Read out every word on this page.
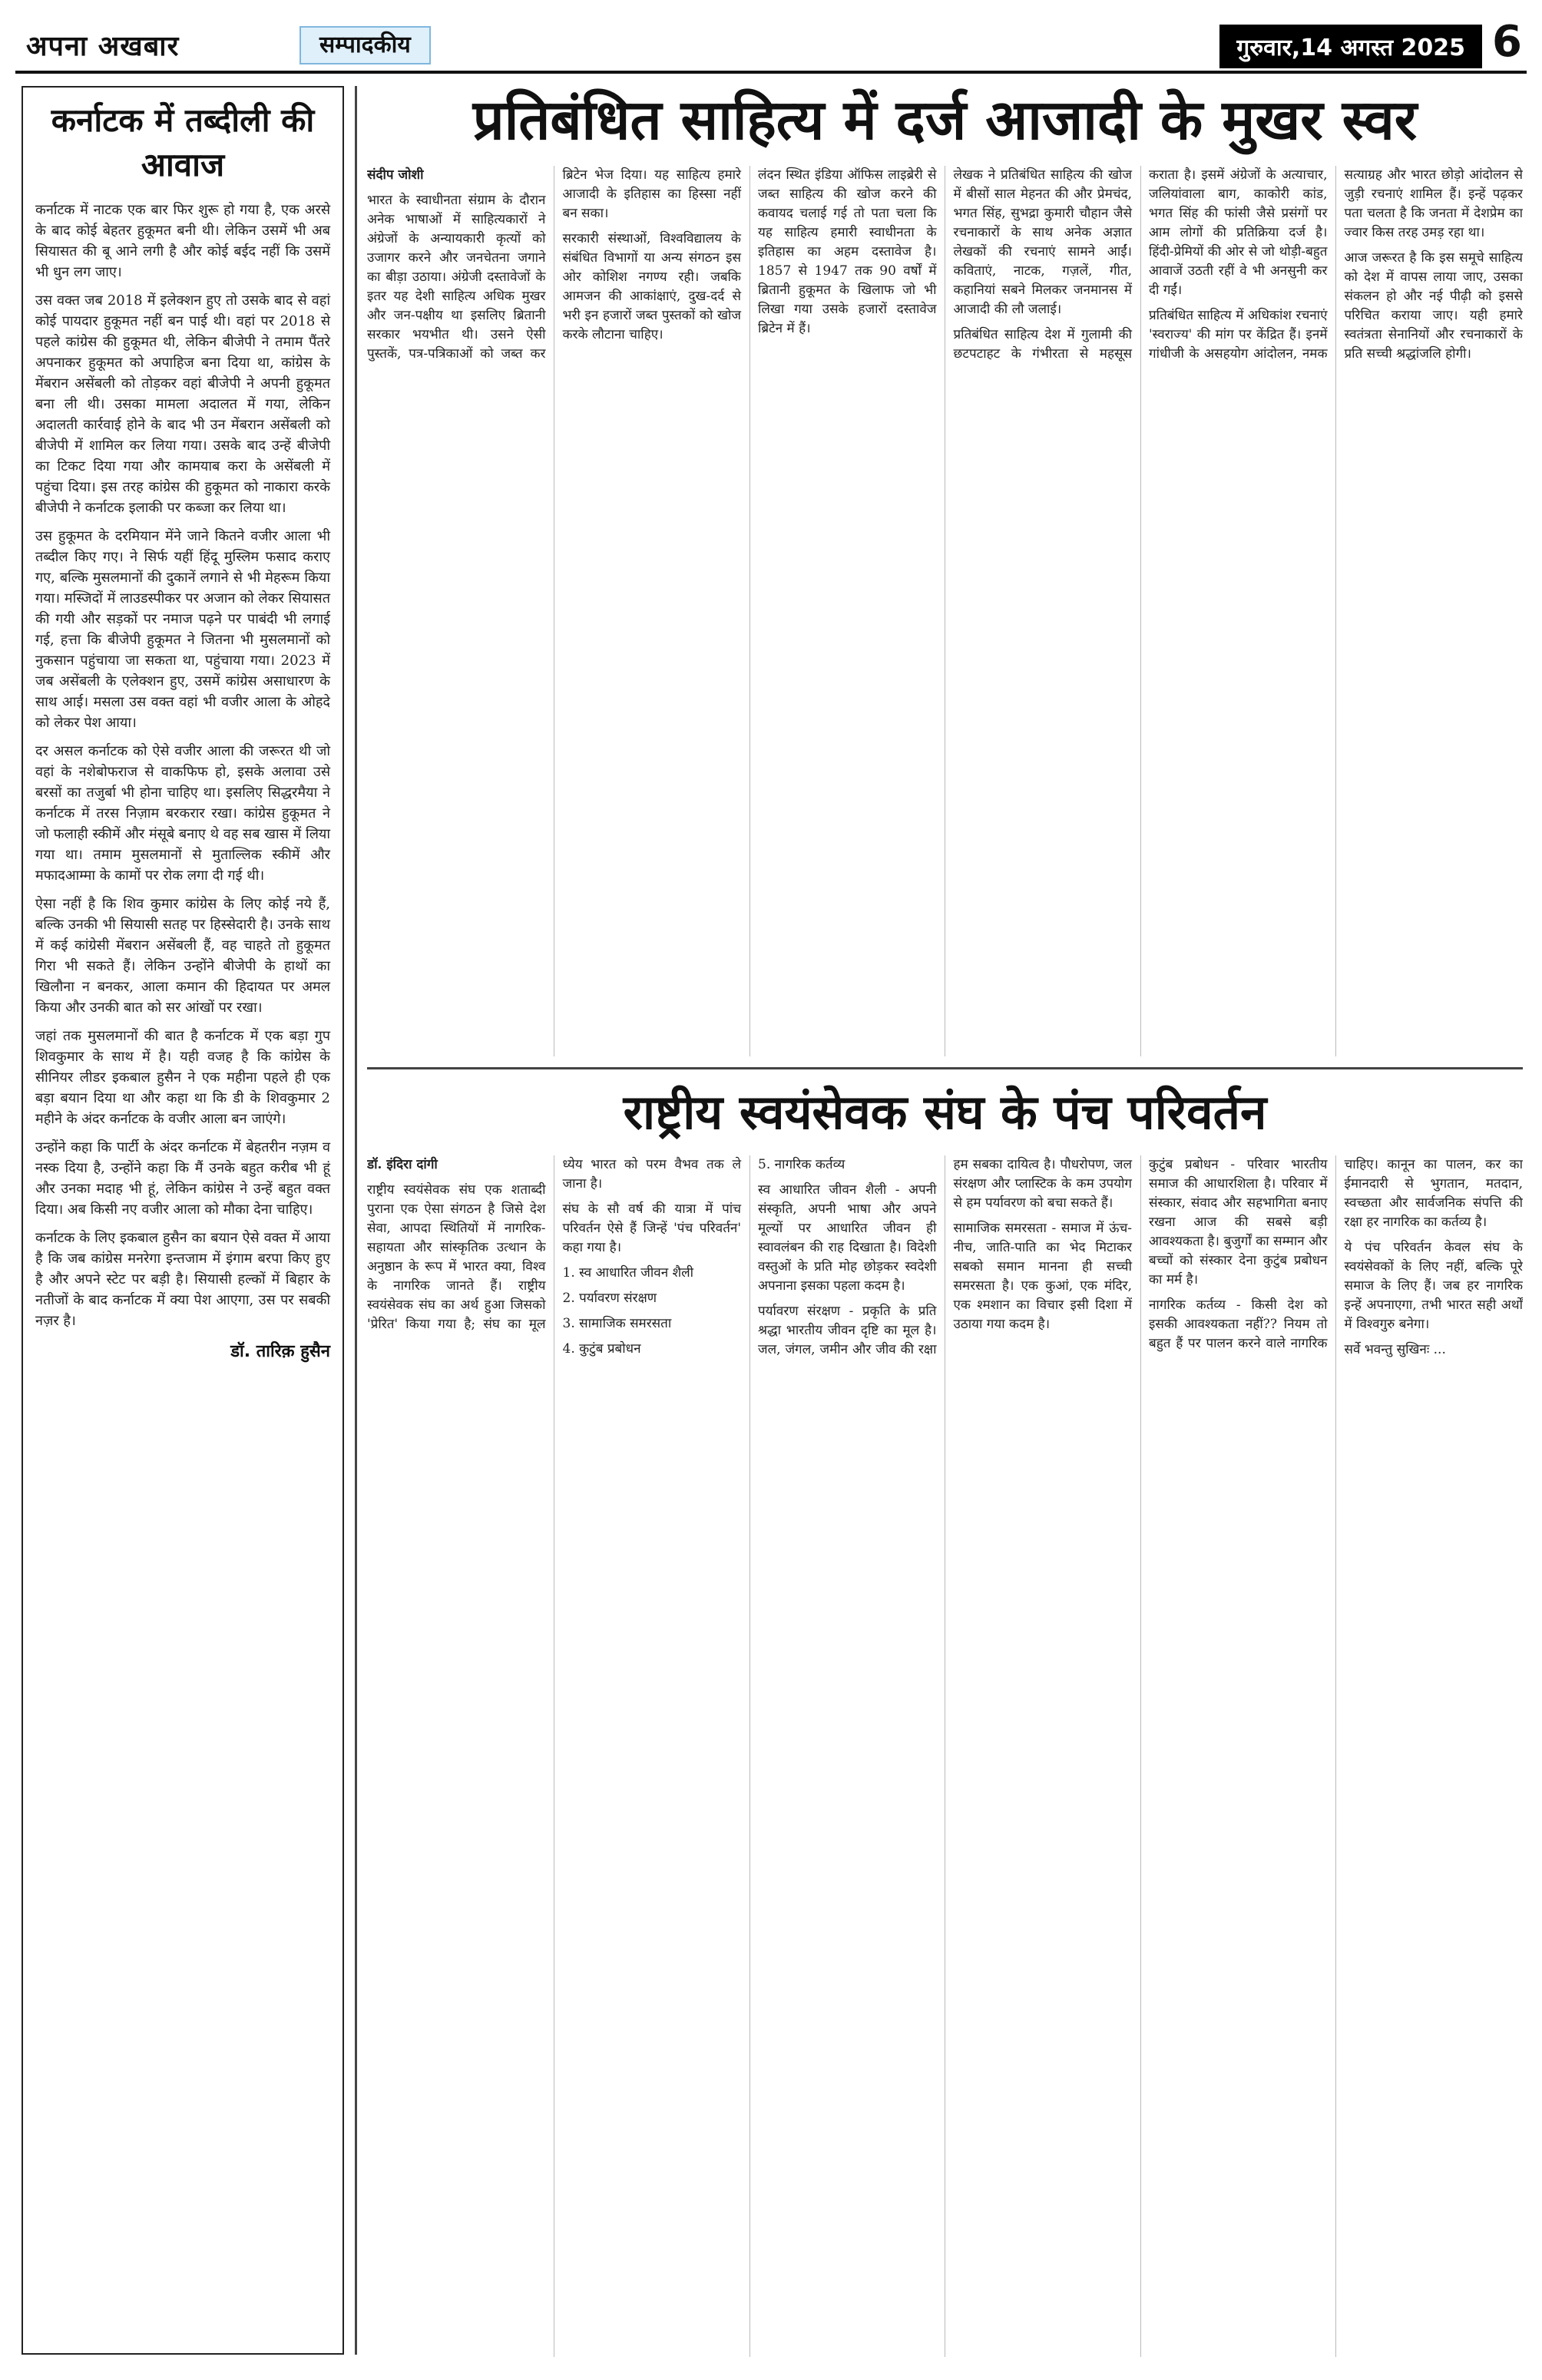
अपना अखबार	सम्पादकीय	गुरुवार,14 अगस्त 2025 6
कर्नाटक में तब्दीली की आवाज

कर्नाटक में नाटक एक बार फिर शुरू हो गया है, एक अरसे के बाद कोई बेहतर हुकूमत बनी थी। लेकिन उसमें भी अब सियासत की बू आने लगी है और कोई बईद नहीं कि उसमें भी धुन लग जाए।

उस वक्त जब 2018 में इलेक्शन हुए तो उसके बाद से वहां कोई पायदार हुकूमत नहीं बन पाई थी। वहां पर 2018 से पहले कांग्रेस की हुकूमत थी, लेकिन बीजेपी ने तमाम पैंतरे अपनाकर हुकूमत को अपाहिज बना दिया था, कांग्रेस के मेंबरान असेंबली को तोड़कर वहां बीजेपी ने अपनी हुकूमत बना ली थी। उसका मामला अदालत में गया, लेकिन अदालती कार्रवाई होने के बाद भी उन मेंबरान असेंबली को बीजेपी में शामिल कर लिया गया। उसके बाद उन्हें बीजेपी का टिकट दिया गया और कामयाब करा के असेंबली में पहुंचा दिया। इस तरह कांग्रेस की हुकूमत को नाकारा करके बीजेपी ने कर्नाटक इलाकी पर कब्जा कर लिया था।

उस हुकूमत के दरमियान मेंने जाने कितने वजीर आला भी तब्दील किए गए। ने सिर्फ यहीं हिंदू मुस्लिम फसाद कराए गए, बल्कि मुसलमानों की दुकानें लगाने से भी मेहरूम किया गया। मस्जिदों में लाउडस्पीकर पर अजान को लेकर सियासत की गयी और सड़कों पर नमाज पढ़ने पर पाबंदी भी लगाई गई, हत्ता कि बीजेपी हुकूमत ने जितना भी मुसलमानों को नुकसान पहुंचाया जा सकता था, पहुंचाया गया। 2023 में जब असेंबली के एलेक्शन हुए, उसमें कांग्रेस असाधारण के साथ आई। मसला उस वक्त वहां भी वजीर आला के ओहदे को लेकर पेश आया।

दर असल कर्नाटक को ऐसे वजीर आला की जरूरत थी जो वहां के नशेबोफराज से वाकफिफ हो, इसके अलावा उसे बरसों का तजुर्बा भी होना चाहिए था। इसलिए सिद्धरमैया ने कर्नाटक में तरस निज़ाम बरकरार रखा। कांग्रेस हुकूमत ने जो फलाही स्कीमें और मंसूबे बनाए थे वह सब खास में लिया गया था। तमाम मुसलमानों से मुताल्लिक स्कीमें और मफादआम्मा के कामों पर रोक लगा दी गई थी।

ऐसा नहीं है कि शिव कुमार कांग्रेस के लिए कोई नये हैं, बल्कि उनकी भी सियासी सतह पर हिस्सेदारी है। उनके साथ में कई कांग्रेसी मेंबरान असेंबली हैं, वह चाहते तो हुकूमत गिरा भी सकते हैं। लेकिन उन्होंने बीजेपी के हाथों का खिलौना न बनकर, आला कमान की हिदायत पर अमल किया और उनकी बात को सर आंखों पर रखा।

जहां तक मुसलमानों की बात है कर्नाटक में एक बड़ा गुप शिवकुमार के साथ में है। यही वजह है कि कांग्रेस के सीनियर लीडर इकबाल हुसैन ने एक महीना पहले ही एक बड़ा बयान दिया था और कहा था कि डी के शिवकुमार 2 महीने के अंदर कर्नाटक के वजीर आला बन जाएंगे।

उन्होंने कहा कि पार्टी के अंदर कर्नाटक में बेहतरीन नज़म व नस्क दिया है, उन्होंने कहा कि मैं उनके बहुत करीब भी हूं और उनका मदाह भी हूं, लेकिन कांग्रेस ने उन्हें बहुत वक्त दिया। अब किसी नए वजीर आला को मौका देना चाहिए।

कर्नाटक के लिए इकबाल हुसैन का बयान ऐसे वक्त में आया है कि जब कांग्रेस मनरेगा इन्तजाम में इंगाम बरपा किए हुए है और अपने स्टेट पर बड़ी है। सियासी हल्कों में बिहार के नतीजों के बाद कर्नाटक में क्या पेश आएगा, उस पर सबकी नज़र है।

डॉ. तारिक़ हुसैन
प्रतिबंधित साहित्य में दर्ज आजादी के मुखर स्वर

संदीप जोशी

भारत के स्वाधीनता संग्राम के दौरान अनेक भाषाओं में साहित्यकारों ने अंग्रेजों के अन्यायकारी कृत्यों को उजागर करने और जनचेतना जगाने का बीड़ा उठाया। अंग्रेजी दस्तावेजों के इतर यह देशी साहित्य अधिक मुखर और जन-पक्षीय था इसलिए ब्रितानी सरकार भयभीत थी। उसने ऐसी पुस्तकें, पत्र-पत्रिकाओं को जब्त कर ब्रिटेन भेज दिया। यह साहित्य हमारे आजादी के इतिहास का हिस्सा नहीं बन सका।

सरकारी संस्थाओं, विश्वविद्यालय के संबंधित विभागों या अन्य संगठन इस ओर कोशिश नगण्य रही। जबकि आमजन की आकांक्षाएं, दुख-दर्द से भरी इन हजारों जब्त पुस्तकों को खोज करके लौटाना चाहिए।

लंदन स्थित इंडिया ऑफिस लाइब्रेरी से जब्त साहित्य की खोज करने की कवायद चलाई गई तो पता चला कि यह साहित्य हमारी स्वाधीनता के इतिहास का अहम दस्तावेज है। 1857 से 1947 तक 90 वर्षों में ब्रितानी हुकूमत के खिलाफ जो भी लिखा गया उसके हजारों दस्तावेज ब्रिटेन में हैं।

लेखक ने प्रतिबंधित साहित्य की खोज में बीसों साल मेहनत की और प्रेमचंद, भगत सिंह, सुभद्रा कुमारी चौहान जैसे रचनाकारों के साथ अनेक अज्ञात लेखकों की रचनाएं सामने आईं। कविताएं, नाटक, गज़लें, गीत, कहानियां सबने मिलकर जनमानस में आजादी की लौ जलाई।

प्रतिबंधित साहित्य देश में गुलामी की छटपटाहट के गंभीरता से महसूस कराता है। इसमें अंग्रेजों के अत्याचार, जलियांवाला बाग, काकोरी कांड, भगत सिंह की फांसी जैसे प्रसंगों पर आम लोगों की प्रतिक्रिया दर्ज है। हिंदी-प्रेमियों की ओर से जो थोड़ी-बहुत आवाजें उठती रहीं वे भी अनसुनी कर दी गईं।

प्रतिबंधित साहित्य में अधिकांश रचनाएं 'स्वराज्य' की मांग पर केंद्रित हैं। इनमें गांधीजी के असहयोग आंदोलन, नमक सत्याग्रह और भारत छोड़ो आंदोलन से जुड़ी रचनाएं शामिल हैं। इन्हें पढ़कर पता चलता है कि जनता में देशप्रेम का ज्वार किस तरह उमड़ रहा था।

आज जरूरत है कि इस समूचे साहित्य को देश में वापस लाया जाए, उसका संकलन हो और नई पीढ़ी को इससे परिचित कराया जाए। यही हमारे स्वतंत्रता सेनानियों और रचनाकारों के प्रति सच्ची श्रद्धांजलि होगी।

राष्ट्रीय स्वयंसेवक संघ के पंच परिवर्तन

डॉ. इंदिरा दांगी

राष्ट्रीय स्वयंसेवक संघ एक शताब्दी पुराना एक ऐसा संगठन है जिसे देश सेवा, आपदा स्थितियों में नागरिक-सहायता और सांस्कृतिक उत्थान के अनुष्ठान के रूप में भारत क्या, विश्व के नागरिक जानते हैं। राष्ट्रीय स्वयंसेवक संघ का अर्थ हुआ जिसको 'प्रेरित' किया गया है; संघ का मूल ध्येय भारत को परम वैभव तक ले जाना है।

संघ के सौ वर्ष की यात्रा में पांच परिवर्तन ऐसे हैं जिन्हें 'पंच परिवर्तन' कहा गया है।

1. स्व आधारित जीवन शैली

2. पर्यावरण संरक्षण

3. सामाजिक समरसता

4. कुटुंब प्रबोधन

5. नागरिक कर्तव्य

स्व आधारित जीवन शैली - अपनी संस्कृति, अपनी भाषा और अपने मूल्यों पर आधारित जीवन ही स्वावलंबन की राह दिखाता है। विदेशी वस्तुओं के प्रति मोह छोड़कर स्वदेशी अपनाना इसका पहला कदम है।

पर्यावरण संरक्षण - प्रकृति के प्रति श्रद्धा भारतीय जीवन दृष्टि का मूल है। जल, जंगल, जमीन और जीव की रक्षा हम सबका दायित्व है। पौधरोपण, जल संरक्षण और प्लास्टिक के कम उपयोग से हम पर्यावरण को बचा सकते हैं।

सामाजिक समरसता - समाज में ऊंच-नीच, जाति-पाति का भेद मिटाकर सबको समान मानना ही सच्ची समरसता है। एक कुआं, एक मंदिर, एक श्मशान का विचार इसी दिशा में उठाया गया कदम है।

कुटुंब प्रबोधन - परिवार भारतीय समाज की आधारशिला है। परिवार में संस्कार, संवाद और सहभागिता बनाए रखना आज की सबसे बड़ी आवश्यकता है। बुजुर्गों का सम्मान और बच्चों को संस्कार देना कुटुंब प्रबोधन का मर्म है।

नागरिक कर्तव्य - किसी देश को इसकी आवश्यकता नहीं?? नियम तो बहुत हैं पर पालन करने वाले नागरिक चाहिए। कानून का पालन, कर का ईमानदारी से भुगतान, मतदान, स्वच्छता और सार्वजनिक संपत्ति की रक्षा हर नागरिक का कर्तव्य है।

ये पंच परिवर्तन केवल संघ के स्वयंसेवकों के लिए नहीं, बल्कि पूरे समाज के लिए हैं। जब हर नागरिक इन्हें अपनाएगा, तभी भारत सही अर्थों में विश्वगुरु बनेगा।

सर्वे भवन्तु सुखिनः ...
